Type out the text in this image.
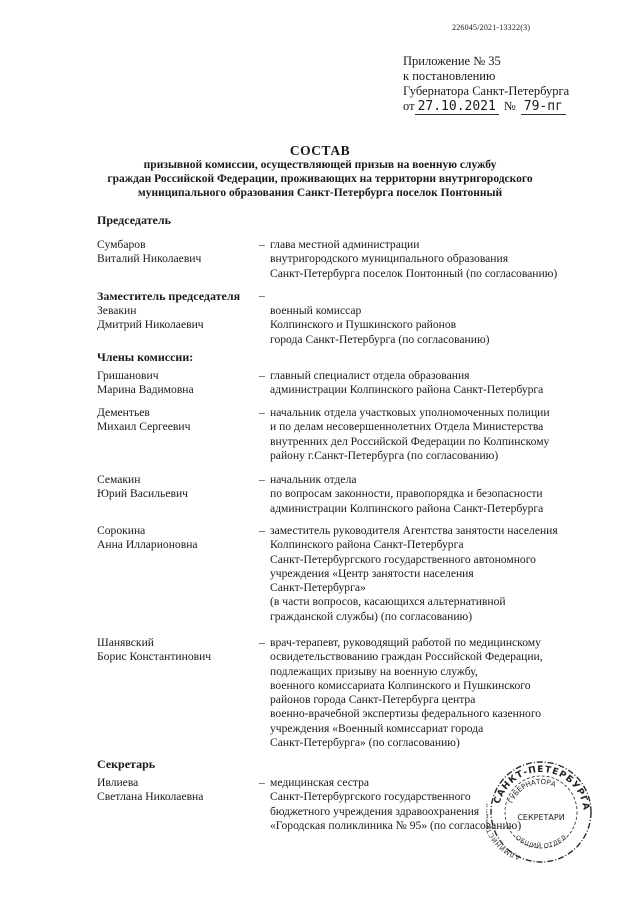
226045/2021-13322(3)
Приложение № 35
к постановлению
Губернатора Санкт-Петербурга
от 27.10.2021 № 79-пг
СОСТАВ
призывной комиссии, осуществляющей призыв на военную службу
граждан Российской Федерации, проживающих на территории внутригородского
муниципального образования Санкт-Петербурга поселок Понтонный
Председатель
Сумбаров
Виталий Николаевич
– глава местной администрации
внутригородского муниципального образования
Санкт-Петербурга поселок Понтонный (по согласованию)
Заместитель председателя –
Зевакин
Дмитрий Николаевич
военный комиссар
Колпинского и Пушкинского районов
города Санкт-Петербурга (по согласованию)
Члены комиссии:
Гришанович
Марина Вадимовна
– главный специалист отдела образования
администрации Колпинского района Санкт-Петербурга
Дементьев
Михаил Сергеевич
– начальник отдела участковых уполномоченных полиции
и по делам несовершеннолетних Отдела Министерства
внутренних дел Российской Федерации по Колпинскому
району г.Санкт-Петербурга (по согласованию)
Семакин
Юрий Васильевич
– начальник отдела
по вопросам законности, правопорядка и безопасности
администрации Колпинского района Санкт-Петербурга
Сорокина
Анна Илларионовна
– заместитель руководителя Агентства занятости населения
Колпинского района Санкт-Петербурга
Санкт-Петербургского государственного автономного
учреждения «Центр занятости населения
Санкт-Петербурга»
(в части вопросов, касающихся альтернативной
гражданской службы) (по согласованию)
Шанявский
Борис Константинович
– врач-терапевт, руководящий работой по медицинскому
освидетельствованию граждан Российской Федерации,
подлежащих призыву на военную службу,
военного комиссариата Колпинского и Пушкинского
районов города Санкт-Петербурга центра
военно-врачебной экспертизы федерального казенного
учреждения «Военный комиссариат города
Санкт-Петербурга» (по согласованию)
Секретарь
Ивлиева
Светлана Николаевна
– медицинская сестра
Санкт-Петербургского государственного
бюджетного учреждения здравоохранения
«Городская поликлиника № 95» (по согласованию)
САНКТ-ПЕТЕРБУРГА
ГУБЕРНАТОРА
АДМИНИС	ОБЩИЙ ОТДЕЛ
СЕКРЕТАРИ
